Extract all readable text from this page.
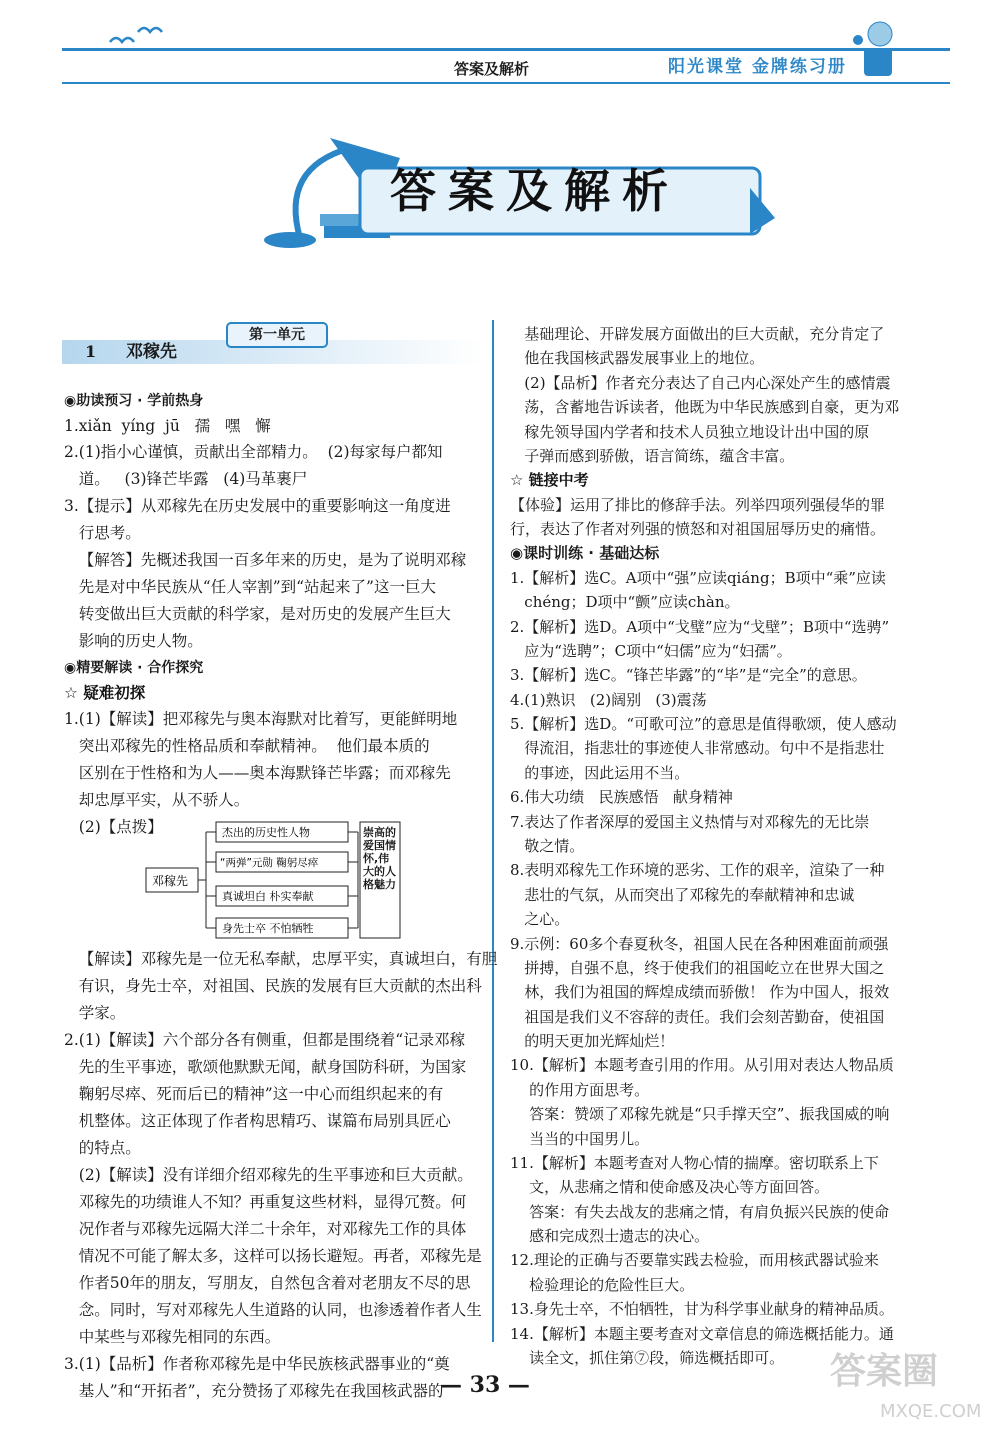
答案及解析	阳光课堂 金牌练习册
答案及解析
第一单元
1 邓稼先
◉助读预习 · 学前热身
1.xiǎn  yíng  jū   孺   嘿   懈
2.(1)指小心谨慎，贡献出全部精力。  (2)每家每户都知
道。   (3)锋芒毕露   (4)马革裹尸
3.【提示】从邓稼先在历史发展中的重要影响这一角度进
行思考。
【解答】先概述我国一百多年来的历史，是为了说明邓稼
先是对中华民族从“任人宰割”到“站起来了”这一巨大
转变做出巨大贡献的科学家，是对历史的发展产生巨大
影响的历史人物。
◉精要解读 · 合作探究
☆ 疑难初探
1.(1)【解读】把邓稼先与奥本海默对比着写，更能鲜明地
突出邓稼先的性格品质和奉献精神。  他们最本质的
区别在于性格和为人——奥本海默锋芒毕露；而邓稼先
却忠厚平实，从不骄人。
(2)【点拨】
【解读】邓稼先是一位无私奉献，忠厚平实，真诚坦白，有胆
有识，身先士卒，对祖国、民族的发展有巨大贡献的杰出科
学家。
2.(1)【解读】六个部分各有侧重，但都是围绕着“记录邓稼
先的生平事迹，歌颂他默默无闻，献身国防科研，为国家
鞠躬尽瘁、死而后已的精神”这一中心而组织起来的有
机整体。这正体现了作者构思精巧、谋篇布局别具匠心
的特点。
(2)【解读】没有详细介绍邓稼先的生平事迹和巨大贡献。
邓稼先的功绩谁人不知？再重复这些材料，显得冗赘。何
况作者与邓稼先远隔大洋二十余年，对邓稼先工作的具体
情况不可能了解太多，这样可以扬长避短。再者，邓稼先是
作者50年的朋友，写朋友，自然包含着对老朋友不尽的思
念。同时，写对邓稼先人生道路的认同，也渗透着作者人生
中某些与邓稼先相同的东西。
3.(1)【品析】作者称邓稼先是中华民族核武器事业的“奠
基人”和“开拓者”，充分赞扬了邓稼先在我国核武器的
基础理论、开辟发展方面做出的巨大贡献，充分肯定了
他在我国核武器发展事业上的地位。
(2)【品析】作者充分表达了自己内心深处产生的感情震
荡，含蓄地告诉读者，他既为中华民族感到自豪，更为邓
稼先领导国内学者和技术人员独立地设计出中国的原
子弹而感到骄傲，语言简练，蕴含丰富。
☆ 链接中考
【体验】运用了排比的修辞手法。列举四项列强侵华的罪
行，表达了作者对列强的愤怒和对祖国屈辱历史的痛惜。
◉课时训练 · 基础达标
1.【解析】选C。A项中“强”应读qiáng；B项中“乘”应读
chéng；D项中“颤”应读chàn。
2.【解析】选D。A项中“戈璧”应为“戈壁”；B项中“选骋”
应为“选聘”；C项中“妇儒”应为“妇孺”。
3.【解析】选C。“锋芒毕露”的“毕”是“完全”的意思。
4.(1)熟识   (2)阔别   (3)震荡
5.【解析】选D。“可歌可泣”的意思是值得歌颂，使人感动
得流泪，指悲壮的事迹使人非常感动。句中不是指悲壮
的事迹，因此运用不当。
6.伟大功绩   民族感悟   献身精神
7.表达了作者深厚的爱国主义热情与对邓稼先的无比崇
敬之情。
8.表明邓稼先工作环境的恶劣、工作的艰辛，渲染了一种
悲壮的气氛，从而突出了邓稼先的奉献精神和忠诚
之心。
9.示例：60多个春夏秋冬，祖国人民在各种困难面前顽强
拼搏，自强不息，终于使我们的祖国屹立在世界大国之
林，我们为祖国的辉煌成绩而骄傲！ 作为中国人，报效
祖国是我们义不容辞的责任。我们会刻苦勤奋，使祖国
的明天更加光辉灿烂！
10.【解析】本题考查引用的作用。从引用对表达人物品质
的作用方面思考。
答案：赞颂了邓稼先就是“只手撑天空”、振我国威的响
当当的中国男儿。
11.【解析】本题考查对人物心情的揣摩。密切联系上下
文，从悲痛之情和使命感及决心等方面回答。
答案：有失去战友的悲痛之情，有肩负振兴民族的使命
感和完成烈士遗志的决心。
12.理论的正确与否要靠实践去检验，而用核武器试验来
检验理论的危险性巨大。
13.身先士卒，不怕牺牲，甘为科学事业献身的精神品质。
14.【解析】本题主要考查对文章信息的筛选概括能力。通
读全文，抓住第⑦段，筛选概括即可。
邓稼先
杰出的历史性人物
“两弹”元勋 鞠躬尽瘁
真诚坦白 朴实奉献
身先士卒 不怕牺牲
崇高的爱国情怀,伟大的人格魅力
— 33 —	答案圈
MXQE.COM
